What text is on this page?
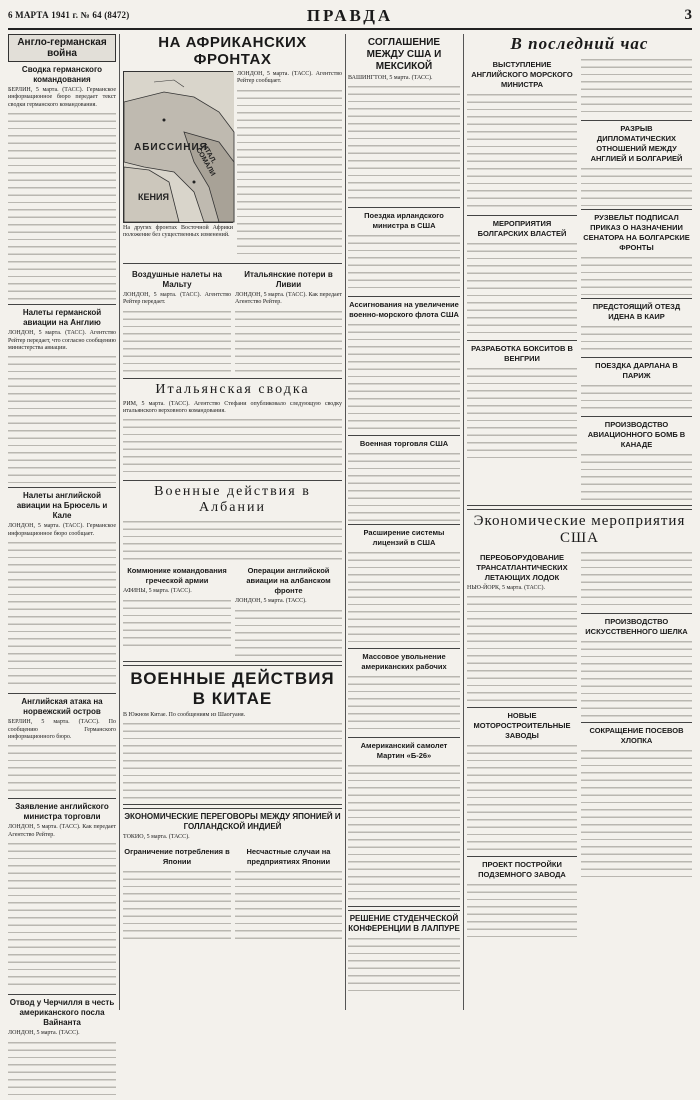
6 МАРТА 1941 г. № 64 (8472)	ПРАВДА	3
Англо-германская война
Сводка германского командования

БЕРЛИН, 5 марта. (ТАСС). Германское информационное бюро передает текст сводки германского командования.

Налеты германской авиации на Англию

ЛОНДОН, 5 марта. (ТАСС). Агентство Рейтер передает, что согласно сообщению министерства авиации.

Налеты английской авиации на Брюсель и Кале

ЛОНДОН, 5 марта. (ТАСС). Германское информационное бюро сообщает.

Английская атака на норвежский остров

БЕРЛИН, 5 марта. (ТАСС). По сообщению Германского информационного бюро.

Заявление английского министра торговли

ЛОНДОН, 5 марта. (ТАСС). Как передает Агентство Рейтер.

Отвод у Черчилля в честь американского посла Вайнанта

ЛОНДОН, 5 марта. (ТАСС).

НА АФРИКАНСКИХ ФРОНТАХ
АБИССИНИЯ
КЕНИЯ
ИТАЛ. СОМАЛИ

На других фронтах Восточной Африки положение без существенных изменений.

ЛОНДОН, 5 марта. (ТАСС). Агентство Рейтер сообщает.

Воздушные налеты на Мальту

ЛОНДОН, 5 марта. (ТАСС). Агентство Рейтер передает.

Итальянские потери в Ливии

ЛОНДОН, 5 марта. (ТАСС). Как передает Агентство Рейтер.

Итальянская сводка

РИМ, 5 марта. (ТАСС). Агентство Стефани опубликовало следующую сводку итальянского верховного командования.

Военные действия в Албании
Коммюнике командования греческой армии

АФИНЫ, 5 марта. (ТАСС).

Операции английской авиации на албанском фронте

ЛОНДОН, 5 марта. (ТАСС).

ВОЕННЫЕ ДЕЙСТВИЯ В КИТАЕ

В Южном Китае. По сообщениям из Шаогуаня.

ЭКОНОМИЧЕСКИЕ ПЕРЕГОВОРЫ МЕЖДУ ЯПОНИЕЙ И ГОЛЛАНДСКОЙ ИНДИЕЙ

ТОКИО, 5 марта. (ТАСС).

Ограничение потребления в Японии
Несчастные случаи на предприятиях Японии
СОГЛАШЕНИЕ МЕЖДУ США И МЕКСИКОЙ

ВАШИНГТОН, 5 марта. (ТАСС).

Поездка ирландского министра в США
Ассигнования на увеличение военно-морского флота США
Военная торговля США
Расширение системы лицензий в США
Массовое увольнение американских рабочих
Американский самолет Мартин «Б-26»
РЕШЕНИЕ СТУДЕНЧЕСКОЙ КОНФЕРЕНЦИИ В ЛАЛПУРЕ
В последний час
ВЫСТУПЛЕНИЕ АНГЛИЙСКОГО МОРСКОГО МИНИСТРА
МЕРОПРИЯТИЯ БОЛГАРСКИХ ВЛАСТЕЙ
РАЗРАБОТКА БОКСИТОВ В ВЕНГРИИ
РАЗРЫВ ДИПЛОМАТИЧЕСКИХ ОТНОШЕНИЙ МЕЖДУ АНГЛИЕЙ И БОЛГАРИЕЙ
РУЗВЕЛЬТ ПОДПИСАЛ ПРИКАЗ О НАЗНАЧЕНИИ СЕНАТОРА НА БОЛГАРСКИЕ ФРОНТЫ
ПРЕДСТОЯЩИЙ ОТЕЗД ИДЕНА В КАИР
ПОЕЗДКА ДАРЛАНА В ПАРИЖ
ПРОИЗВОДСТВО АВИАЦИОННОГО БОМБ В КАНАДЕ
Экономические мероприятия США
ПЕРЕОБОРУДОВАНИЕ ТРАНСАТЛАНТИЧЕСКИХ ЛЕТАЮЩИХ ЛОДОК

НЬЮ-ЙОРК, 5 марта. (ТАСС).

НОВЫЕ МОТОРОСТРОИТЕЛЬНЫЕ ЗАВОДЫ
ПРОЕКТ ПОСТРОЙКИ ПОДЗЕМНОГО ЗАВОДА
ПРОИЗВОДСТВО ИСКУССТВЕННОГО ШЕЛКА
СОКРАЩЕНИЕ ПОСЕВОВ ХЛОПКА
